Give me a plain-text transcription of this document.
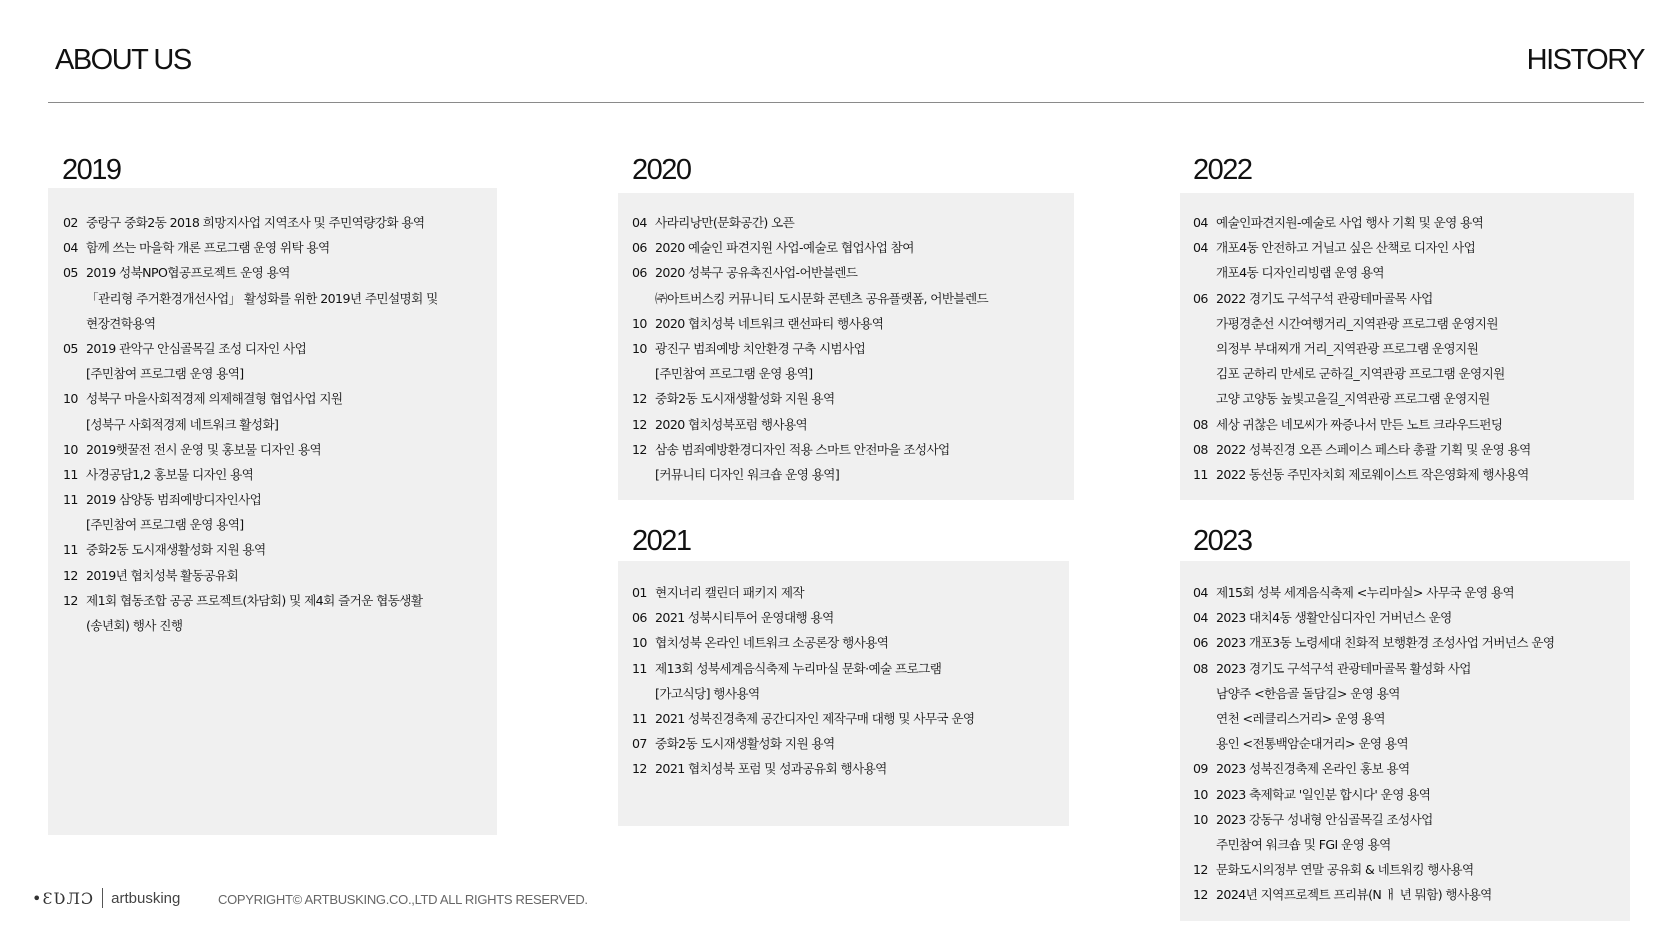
ABOUT US	HISTORY
2019
02 중랑구 중화2동 2018 희망지사업 지역조사 및 주민역량강화 용역
04 함께 쓰는 마을학 개론 프로그램 운영 위탁 용역
05 2019 성북NPO협공프로젝트 운영 용역
「관리형 주거환경개선사업」 활성화를 위한 2019년 주민설명회 및
현장견학용역
05 2019 관악구 안심골목길 조성 디자인 사업
[주민참여 프로그램 운영 용역]
10 성북구 마을사회적경제 의제해결형 협업사업 지원
[성북구 사회적경제 네트워크 활성화]
10 2019햇꿀전 전시 운영 및 홍보물 디자인 용역
11 사경공담1,2 홍보물 디자인 용역
11 2019 삼양동 범죄예방디자인사업
[주민참여 프로그램 운영 용역]
11 중화2동 도시재생활성화 지원 용역
12 2019년 협치성북 활동공유회
12 제1회 협동조합 공공 프로젝트(차담회) 및 제4회 즐거운 협동생활
(송년회) 행사 진행
2020
04 사라리낭만(문화공간) 오픈
06 2020 예술인 파견지원 사업-예술로 협업사업 참여
06 2020 성북구 공유촉진사업-어반블렌드
㈜아트버스킹 커뮤니티 도시문화 콘텐츠 공유플랫폼, 어반블렌드
10 2020 협치성북 네트워크 랜선파티 행사용역
10 광진구 범죄예방 치안환경 구축 시범사업
[주민참여 프로그램 운영 용역]
12 중화2동 도시재생활성화 지원 용역
12 2020 협치성북포럼 행사용역
12 삼송 범죄예방환경디자인 적용 스마트 안전마을 조성사업
[커뮤니티 디자인 워크숍 운영 용역]
2021
01 현지너리 캘린더 패키지 제작
06 2021 성북시티투어 운영대행 용역
10 협치성북 온라인 네트워크 소공론장 행사용역
11 제13회 성북세계음식축제 누리마실 문화·예술 프로그램
[가고식당] 행사용역
11 2021 성북진경축제 공간디자인 제작구매 대행 및 사무국 운영
07 중화2동 도시재생활성화 지원 용역
12 2021 협치성북 포럼 및 성과공유회 행사용역
2022
04 예술인파견지원-예술로 사업 행사 기획 및 운영 용역
04 개포4동 안전하고 거닐고 싶은 산책로 디자인 사업
개포4동 디자인리빙랩 운영 용역
06 2022 경기도 구석구석 관광테마골목 사업
가평경춘선 시간여행거리_지역관광 프로그램 운영지원
의정부 부대찌개 거리_지역관광 프로그램 운영지원
김포 군하리 만세로 군하길_지역관광 프로그램 운영지원
고양 고양동 높빛고을길_지역관광 프로그램 운영지원
08 세상 귀찮은 네모씨가 짜증나서 만든 노트 크라우드펀딩
08 2022 성북진경 오픈 스페이스 페스타 총괄 기획 및 운영 용역
11 2022 동선동 주민자치회 제로웨이스트 작은영화제 행사용역
2023
04 제15회 성북 세계음식축제 <누리마실> 사무국 운영 용역
04 2023 대치4동 생활안심디자인 거버넌스 운영
06 2023 개포3동 노령세대 친화적 보행환경 조성사업 거버넌스 운영
08 2023 경기도 구석구석 관광테마골목 활성화 사업
남양주 <한음골 돌담길> 운영 용역
연천 <레클리스거리> 운영 용역
용인 <전통백암순대거리> 운영 용역
09 2023 성북진경축제 온라인 홍보 용역
10 2023 축제학교 '일인분 합시다' 운영 용역
10 2023 강동구 성내형 안심골목길 조성사업
주민참여 워크숍 및 FGI 운영 용역
12 문화도시의정부 연말 공유회 & 네트워킹 행사용역
12 2024년 지역프로젝트 프리뷰(N ㅐ 년 뭐함) 행사용역
•ƐƲЛƆ artbusking	COPYRIGHT© ARTBUSKING.CO.,LTD ALL RIGHTS RESERVED.
